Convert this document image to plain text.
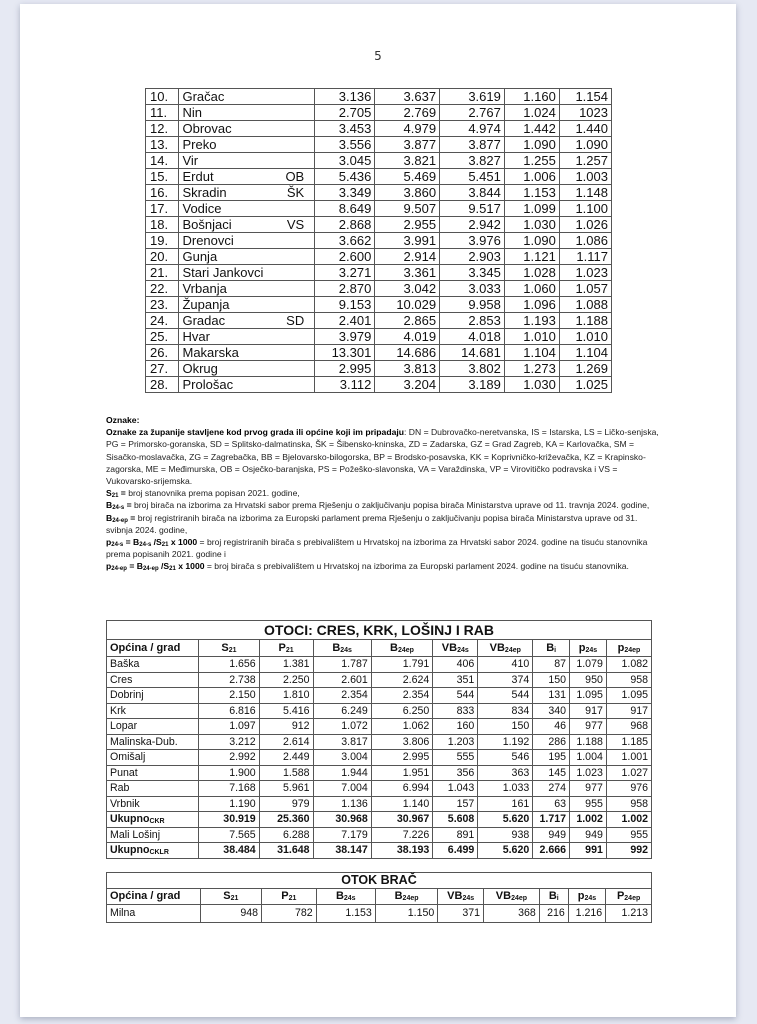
5
10.	Gračac	3.136	3.637	3.619	1.160	1.154
11.	Nin	2.705	2.769	2.767	1.024	1023
12.	Obrovac	3.453	4.979	4.974	1.442	1.440
13.	Preko	3.556	3.877	3.877	1.090	1.090
14.	Vir	3.045	3.821	3.827	1.255	1.257
15.	Erdut OB	5.436	5.469	5.451	1.006	1.003
16.	Skradin ŠK	3.349	3.860	3.844	1.153	1.148
17.	Vodice	8.649	9.507	9.517	1.099	1.100
18.	Bošnjaci VS	2.868	2.955	2.942	1.030	1.026
19.	Drenovci	3.662	3.991	3.976	1.090	1.086
20.	Gunja	2.600	2.914	2.903	1.121	1.117
21.	Stari Jankovci	3.271	3.361	3.345	1.028	1.023
22.	Vrbanja	2.870	3.042	3.033	1.060	1.057
23.	Županja	9.153	10.029	9.958	1.096	1.088
24.	Gradac SD	2.401	2.865	2.853	1.193	1.188
25.	Hvar	3.979	4.019	4.018	1.010	1.010
26.	Makarska	13.301	14.686	14.681	1.104	1.104
27.	Okrug	2.995	3.813	3.802	1.273	1.269
28.	Prološac	3.112	3.204	3.189	1.030	1.025

Oznake:

Oznake za županije stavljene kod prvog grada ili općine koji im pripadaju: DN = Dubrovačko-neretvanska, IS = Istarska, LS = Ličko-senjska, PG = Primorsko-goranska, SD = Splitsko-dalmatinska, ŠK = Šibensko-kninska, ZD = Zadarska, GZ = Grad Zagreb, KA = Karlovačka, SM = Sisačko-moslavačka, ZG = Zagrebačka, BB = Bjelovarsko-bilogorska, BP = Brodsko-posavska, KK = Koprivničko-križevačka, KZ = Krapinsko-zagorska, ME = Međimurska, OB = Osječko-baranjska, PS = Požeško-slavonska, VA = Varaždinska, VP = Virovitičko podravska i VS = Vukovarsko-srijemska.

$S_{21}$ = broj stanovnika prema popisan 2021. godine,

$B_{24-s}$ = broj birača na izborima za Hrvatski sabor prema Rješenju o zaključivanju popisa birača Ministarstva uprave od 11. travnja 2024. godine,

$B_{24-ep}$ = broj registriranih birača na izborima za Europski parlament prema Rješenju o zaključivanju popisa birača Ministarstva uprave od 31. svibnja 2024. godine,

$p_{24-s} = B_{24-s}$ $/S_{21}$ x 1000 = broj registriranih birača s prebivalištem u Hrvatskoj na izborima za Hrvatski sabor 2024. godine na tisuću stanovnika prema popisanih 2021. godine i

$p_{24-ep} = B_{24-ep}$ $/S_{21}$ x 1000 = broj birača s prebivalištem u Hrvatskoj na izborima za Europski parlament 2024. godine na tisuću stanovnika.

OTOCI: CRES, KRK, LOŠINJ I RAB									
Općina / grad	$S_{21}$	$P_{21}$	$B_{24s}$	$B_{24ep}$	$VB_{24s}$	$VB_{24ep}$	$B_i$	$p_{24s}$	$p_{24ep}$
Baška	1.656	1.381	1.787	1.791	406	410	87	1.079	1.082
Cres	2.738	2.250	2.601	2.624	351	374	150	950	958
Dobrinj	2.150	1.810	2.354	2.354	544	544	131	1.095	1.095
Krk	6.816	5.416	6.249	6.250	833	834	340	917	917
Lopar	1.097	912	1.072	1.062	160	150	46	977	968
Malinska-Dub.	3.212	2.614	3.817	3.806	1.203	1.192	286	1.188	1.185
Omišalj	2.992	2.449	3.004	2.995	555	546	195	1.004	1.001
Punat	1.900	1.588	1.944	1.951	356	363	145	1.023	1.027
Rab	7.168	5.961	7.004	6.994	1.043	1.033	274	977	976
Vrbnik	1.190	979	1.136	1.140	157	161	63	955	958
Ukupno$_{CKR}$	30.919	25.360	30.968	30.967	5.608	5.620	1.717	1.002	1.002
Mali Lošinj	7.565	6.288	7.179	7.226	891	938	949	949	955
Ukupno$_{CKLR}$	38.484	31.648	38.147	38.193	6.499	5.620	2.666	991	992
OTOK BRAČ									
Općina / grad	$S_{21}$	$P_{21}$	$B_{24s}$	$B_{24ep}$	$VB_{24s}$	$VB_{24ep}$	$B_i$	$p_{24s}$	$P_{24ep}$
Milna	948	782	1.153	1.150	371	368	216	1.216	1.213
